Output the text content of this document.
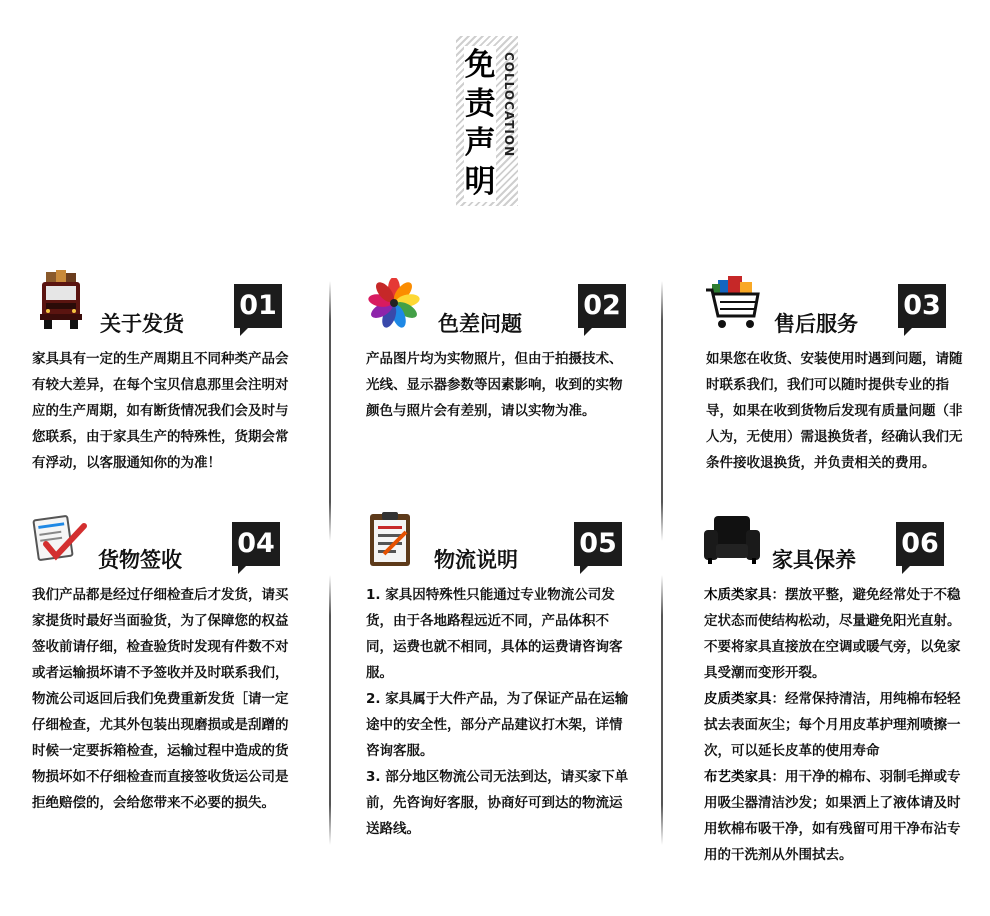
免责声明
COLLOCATION
关于发货
01

家具具有一定的生产周期且不同种类产品会有较大差异，在每个宝贝信息那里会注明对应的生产周期，如有断货情况我们会及时与您联系，由于家具生产的特殊性，货期会常有浮动，以客服通知你的为准！

色差问题
02

产品图片均为实物照片，但由于拍摄技术、光线、显示器参数等因素影响，收到的实物颜色与照片会有差别，请以实物为准。

售后服务
03

如果您在收货、安装使用时遇到问题，请随时联系我们，我们可以随时提供专业的指导，如果在收到货物后发现有质量问题（非人为，无使用）需退换货者，经确认我们无条件接收退换货，并负责相关的费用。

货物签收
04

我们产品都是经过仔细检查后才发货，请买家提货时最好当面验货，为了保障您的权益签收前请仔细，检查验货时发现有件数不对或者运输损坏请不予签收并及时联系我们，物流公司返回后我们免费重新发货［请一定仔细检查，尤其外包装出现磨损或是刮蹭的时候一定要拆箱检查，运输过程中造成的货物损坏如不仔细检查而直接签收货运公司是拒绝赔偿的，会给您带来不必要的损失。

物流说明
05

1. 家具因特殊性只能通过专业物流公司发货，由于各地路程远近不同，产品体积不同，运费也就不相同，具体的运费请咨询客服。

2. 家具属于大件产品，为了保证产品在运输途中的安全性，部分产品建议打木架，详情咨询客服。

3. 部分地区物流公司无法到达，请买家下单前，先咨询好客服，协商好可到达的物流运送路线。

家具保养
06

木质类家具：摆放平整，避免经常处于不稳定状态而使结构松动，尽量避免阳光直射。不要将家具直接放在空调或暖气旁，以免家具受潮而变形开裂。

皮质类家具：经常保持清洁，用纯棉布轻轻拭去表面灰尘；每个月用皮革护理剂喷擦一次，可以延长皮革的使用寿命

布艺类家具：用干净的棉布、羽制毛掸或专用吸尘器清洁沙发；如果洒上了液体请及时用软棉布吸干净，如有残留可用干净布沾专用的干洗剂从外围拭去。
